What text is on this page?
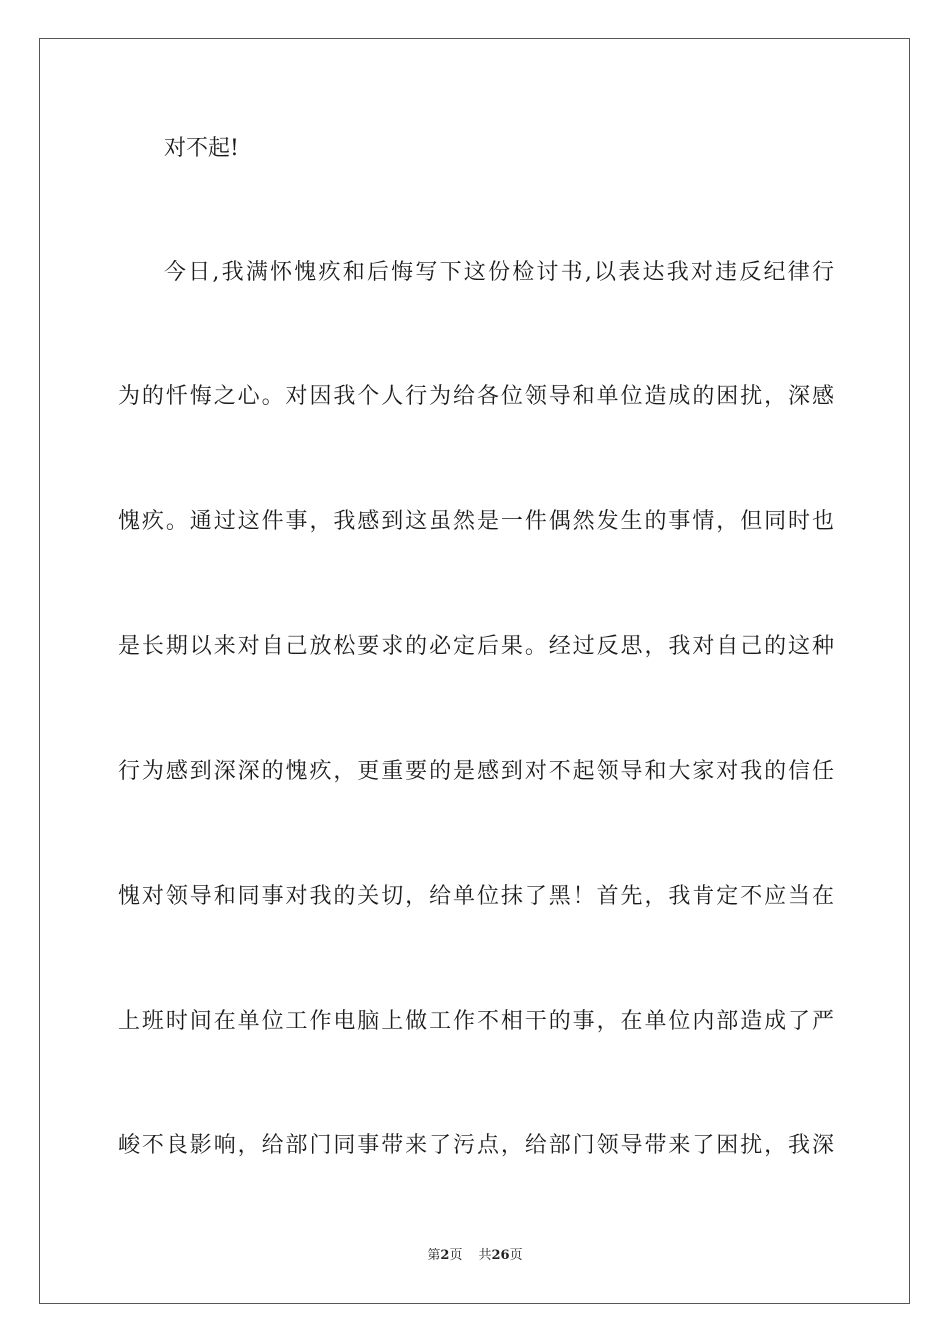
对不起!
今日,我满怀愧疚和后悔写下这份检讨书,以表达我对违反纪律行
为的忏悔之心。对因我个人行为给各位领导和单位造成的困扰，深感
愧疚。通过这件事，我感到这虽然是一件偶然发生的事情，但同时也
是长期以来对自己放松要求的必定后果。经过反思，我对自己的这种
行为感到深深的愧疚，更重要的是感到对不起领导和大家对我的信任
愧对领导和同事对我的关切，给单位抹了黑！首先，我肯定不应当在
上班时间在单位工作电脑上做工作不相干的事，在单位内部造成了严
峻不良影响，给部门同事带来了污点，给部门领导带来了困扰，我深
第2页 共26页
